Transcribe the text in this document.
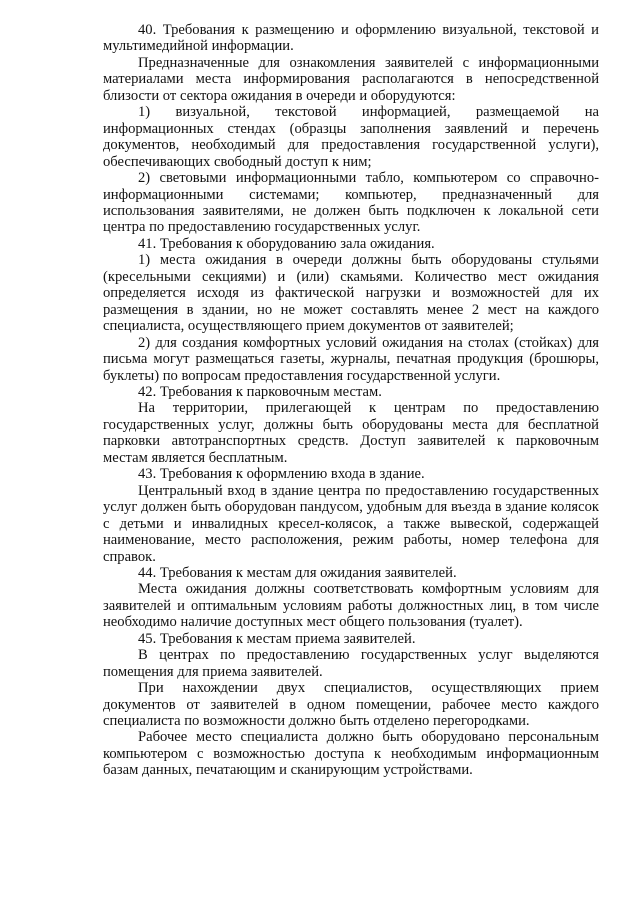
40. Требования к размещению и оформлению визуальной, текстовой и мультимедийной информации.

Предназначенные для ознакомления заявителей с информационными материалами места информирования располагаются в непосредственной близости от сектора ожидания в очереди и оборудуются:

1) визуальной, текстовой информацией, размещаемой на информационных стендах (образцы заполнения заявлений и перечень документов, необходимый для предоставления государственной услуги), обеспечивающих свободный доступ к ним;

2) световыми информационными табло, компьютером со справочно-информационными системами; компьютер, предназначенный для использования заявителями, не должен быть подключен к локальной сети центра по предоставлению государственных услуг.

41. Требования к оборудованию зала ожидания.

1) места ожидания в очереди должны быть оборудованы стульями (кресельными секциями) и (или) скамьями. Количество мест ожидания определяется исходя из фактической нагрузки и возможностей для их размещения в здании, но не может составлять менее 2 мест на каждого специалиста, осуществляющего прием документов от заявителей;

2) для создания комфортных условий ожидания на столах (стойках) для письма могут размещаться газеты, журналы, печатная продукция (брошюры, буклеты) по вопросам предоставления государственной услуги.

42. Требования к парковочным местам.

На территории, прилегающей к центрам по предоставлению государственных услуг, должны быть оборудованы места для бесплатной парковки автотранспортных средств. Доступ заявителей к парковочным местам является бесплатным.

43. Требования к оформлению входа в здание.

Центральный вход в здание центра по предоставлению государственных услуг должен быть оборудован пандусом, удобным для въезда в здание колясок с детьми и инвалидных кресел-колясок, а также вывеской, содержащей наименование, место расположения, режим работы, номер телефона для справок.

44. Требования к местам для ожидания заявителей.

Места ожидания должны соответствовать комфортным условиям для заявителей и оптимальным условиям работы должностных лиц, в том числе необходимо наличие доступных мест общего пользования (туалет).

45. Требования к местам приема заявителей.

В центрах по предоставлению государственных услуг выделяются помещения для приема заявителей.

При нахождении двух специалистов, осуществляющих прием документов от заявителей в одном помещении, рабочее место каждого специалиста по возможности должно быть отделено перегородками.

Рабочее место специалиста должно быть оборудовано персональным компьютером с возможностью доступа к необходимым информационным базам данных, печатающим и сканирующим устройствами.
